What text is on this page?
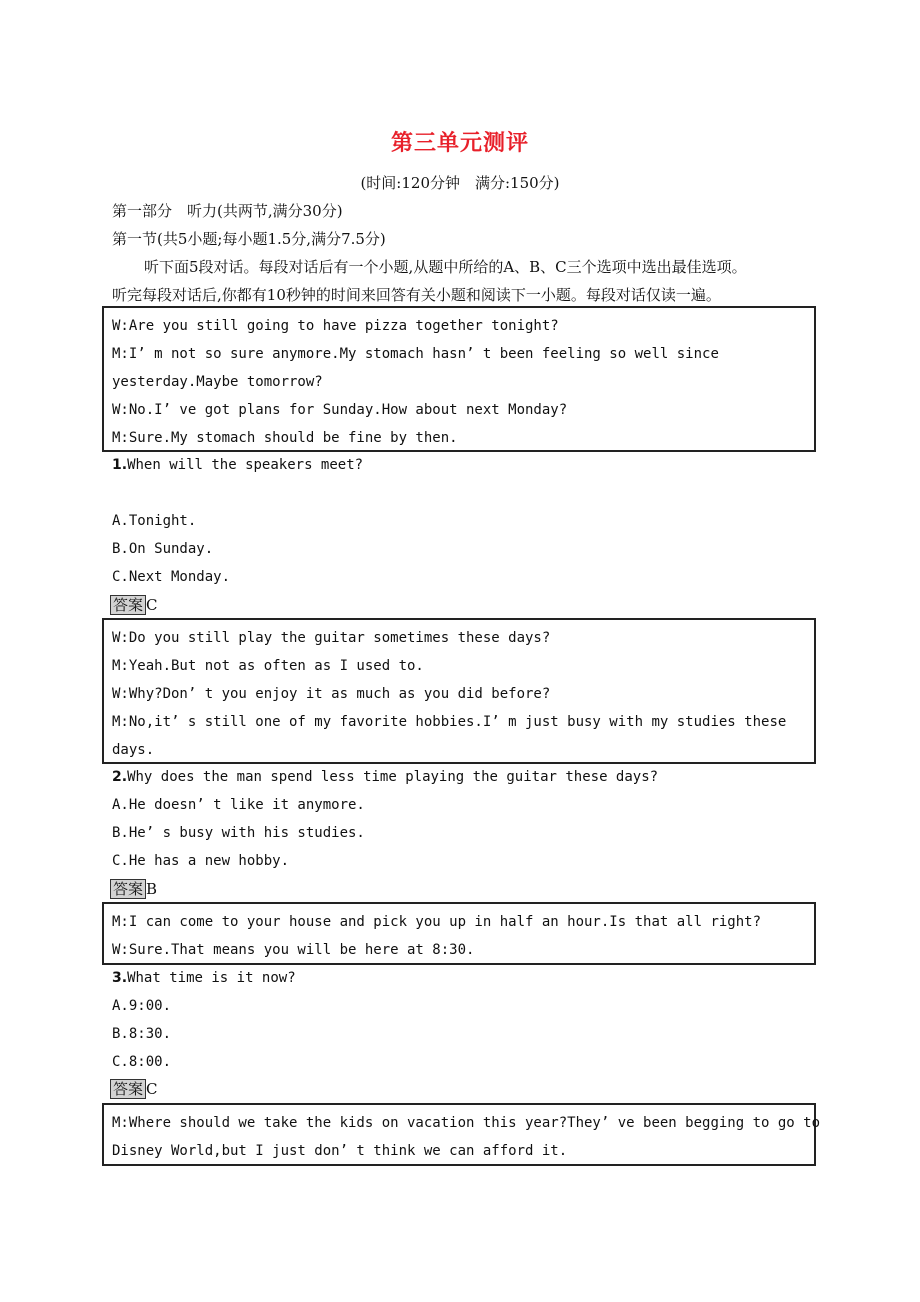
第三单元测评
(时间:120分钟　满分:150分)
第一部分　听力(共两节,满分30分)
第一节(共5小题;每小题1.5分,满分7.5分)
听下面5段对话。每段对话后有一个小题,从题中所给的A、B、C三个选项中选出最佳选项。
听完每段对话后,你都有10秒钟的时间来回答有关小题和阅读下一小题。每段对话仅读一遍。
W:Are you still going to have pizza together tonight?
M:I’ m not so sure anymore.My stomach hasn’ t been feeling so well since
yesterday.Maybe tomorrow?
W:No.I’ ve got plans for Sunday.How about next Monday?
M:Sure.My stomach should be fine by then.
1.When will the speakers meet?
A.Tonight.
B.On Sunday.
C.Next Monday.
答案 C
W:Do you still play the guitar sometimes these days?
M:Yeah.But not as often as I used to.
W:Why?Don’ t you enjoy it as much as you did before?
M:No,it’ s still one of my favorite hobbies.I’ m just busy with my studies these
days.
2.Why does the man spend less time playing the guitar these days?
A.He doesn’ t like it anymore.
B.He’ s busy with his studies.
C.He has a new hobby.
答案 B
M:I can come to your house and pick you up in half an hour.Is that all right?
W:Sure.That means you will be here at 8:30.
3.What time is it now?
A.9:00.
B.8:30.
C.8:00.
答案 C
M:Where should we take the kids on vacation this year?They’ ve been begging to go to
Disney World,but I just don’ t think we can afford it.
